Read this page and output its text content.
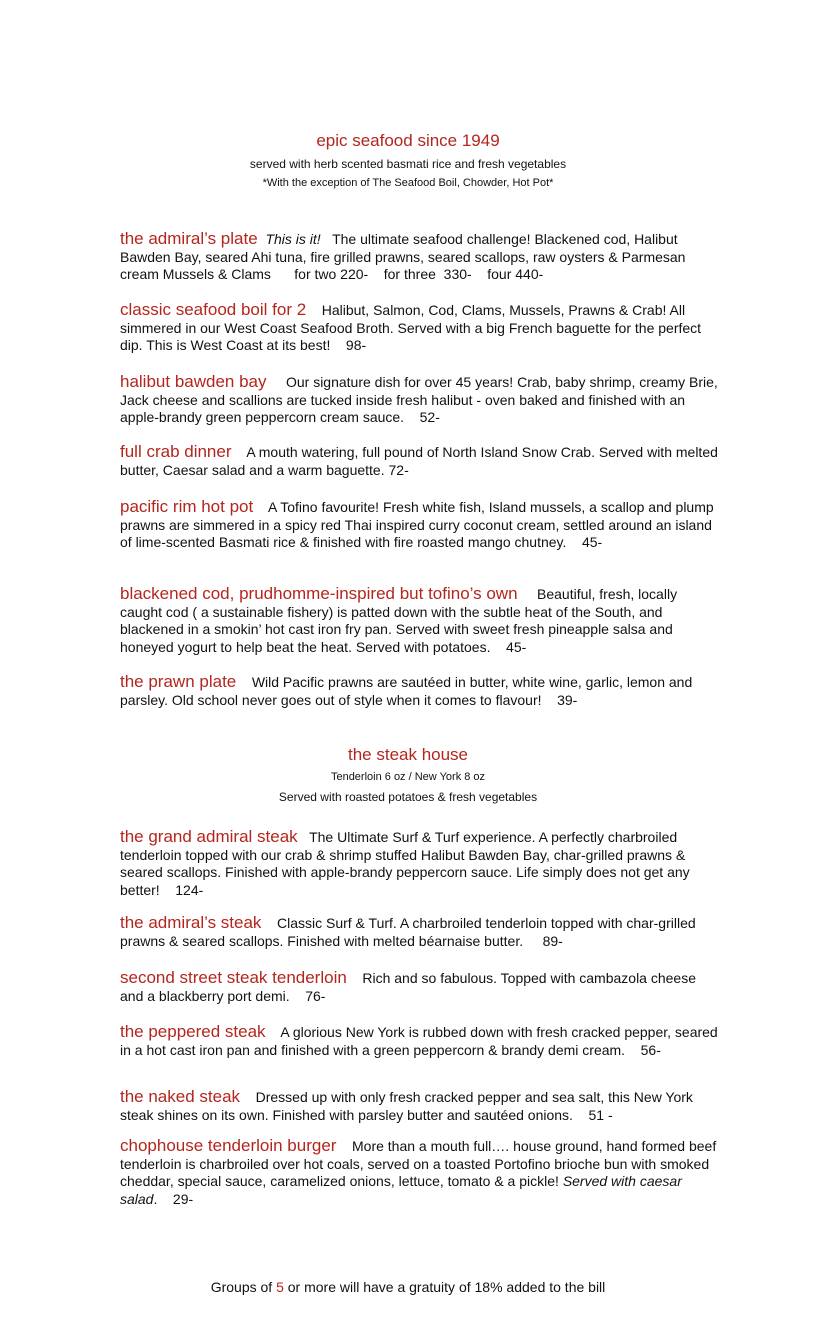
epic seafood since 1949

served with herb scented basmati rice and fresh vegetables

*With the exception of The Seafood Boil, Chowder, Hot Pot*

the admiral’s plate This is it! The ultimate seafood challenge! Blackened cod, Halibut Bawden Bay, seared Ahi tuna, fire grilled prawns, seared scallops, raw oysters & Parmesan cream Mussels & Clams for two 220-    for three  330-    four 440-
classic seafood boil for 2 Halibut, Salmon, Cod, Clams, Mussels, Prawns & Crab! All simmered in our West Coast Seafood Broth. Served with a big French baguette for the perfect dip. This is West Coast at its best! 98-
halibut bawden bay Our signature dish for over 45 years! Crab, baby shrimp, creamy Brie, Jack cheese and scallions are tucked inside fresh halibut - oven baked and finished with an apple-brandy green peppercorn cream sauce. 52-
full crab dinner A mouth watering, full pound of North Island Snow Crab. Served with melted butter, Caesar salad and a warm baguette. 72-
pacific rim hot pot A Tofino favourite! Fresh white fish, Island mussels, a scallop and plump prawns are simmered in a spicy red Thai inspired curry coconut cream, settled around an island of lime-scented Basmati rice & finished with fire roasted mango chutney. 45-
blackened cod, prudhomme-inspired but tofino’s own Beautiful, fresh, locally caught cod ( a sustainable fishery) is patted down with the subtle heat of the South, and blackened in a smokin’ hot cast iron fry pan. Served with sweet fresh pineapple salsa and honeyed yogurt to help beat the heat. Served with potatoes. 45-
the prawn plate Wild Pacific prawns are sautéed in butter, white wine, garlic, lemon and parsley. Old school never goes out of style when it comes to flavour! 39-

the steak house

Tenderloin 6 oz / New York 8 oz

Served with roasted potatoes & fresh vegetables

the grand admiral steak The Ultimate Surf & Turf experience. A perfectly charbroiled tenderloin topped with our crab & shrimp stuffed Halibut Bawden Bay, char-grilled prawns & seared scallops. Finished with apple-brandy peppercorn sauce. Life simply does not get any better! 124-
the admiral’s steak Classic Surf & Turf. A charbroiled tenderloin topped with char-grilled prawns & seared scallops. Finished with melted béarnaise butter. 89-
second street steak tenderloin Rich and so fabulous. Topped with cambazola cheese and a blackberry port demi. 76-
the peppered steak A glorious New York is rubbed down with fresh cracked pepper, seared in a hot cast iron pan and finished with a green peppercorn & brandy demi cream. 56-
the naked steak Dressed up with only fresh cracked pepper and sea salt, this New York steak shines on its own. Finished with parsley butter and sautéed onions. 51 -
chophouse tenderloin burger More than a mouth full…. house ground, hand formed beef tenderloin is charbroiled over hot coals, served on a toasted Portofino brioche bun with smoked cheddar, special sauce, caramelized onions, lettuce, tomato & a pickle! Served with caesar salad.    29-
Groups of 5 or more will have a gratuity of 18% added to the bill
